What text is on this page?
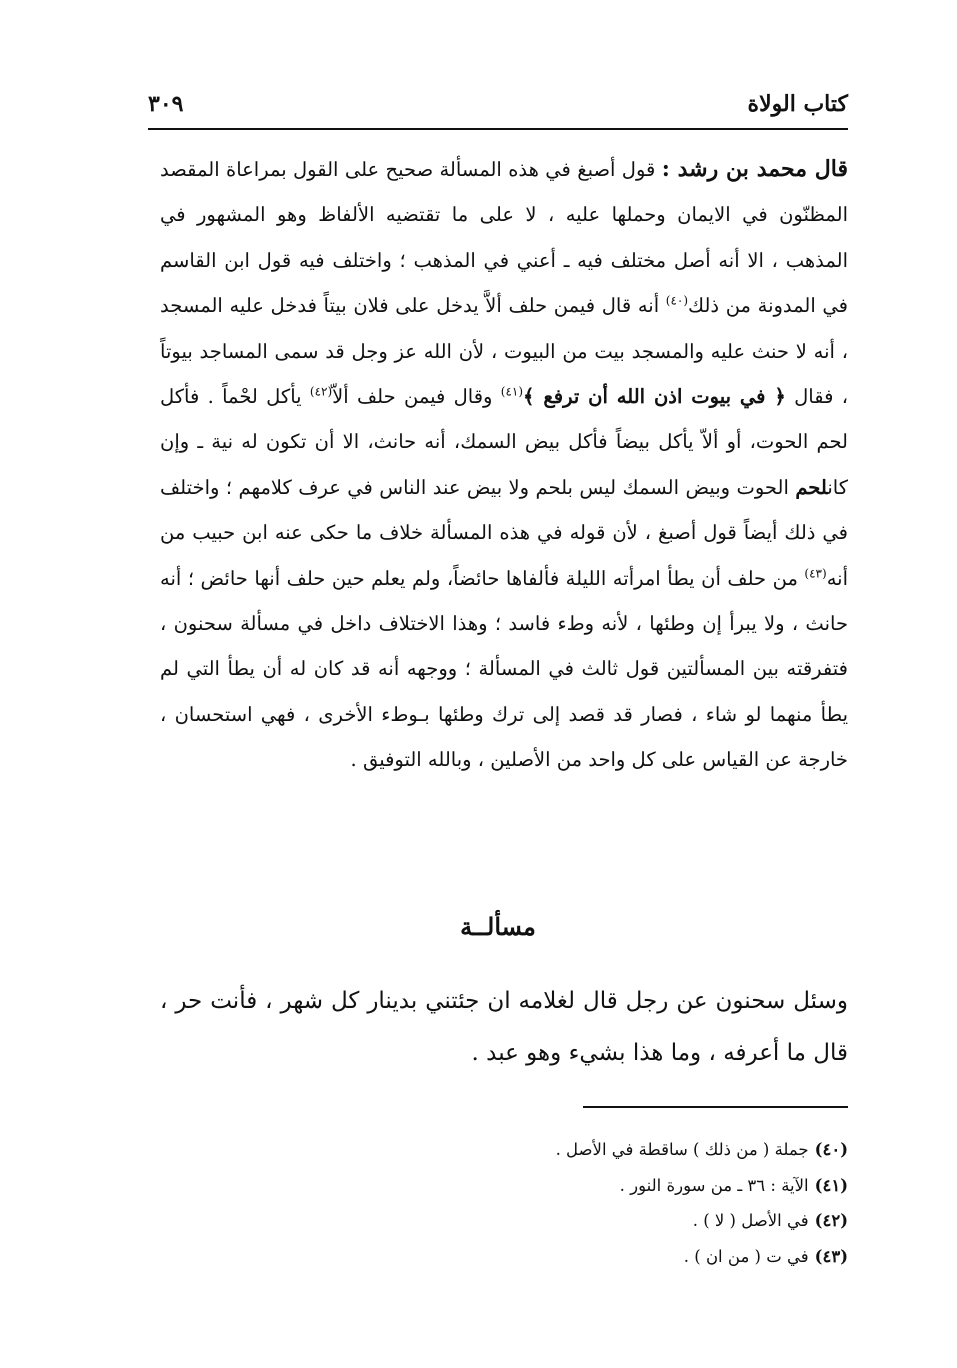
كتاب الولاة
٣٠٩
قال محمد بن رشد : قول أصبغ في هذه المسألة صحيح على القول بمراعاة المقصد المظنّون في الايمان وحملها عليه ، لا على ما تقتضيه الألفاظ وهو المشهور في المذهب ، الا أنه أصل مختلف فيه ـ أعني في المذهب ؛ واختلف فيه قول ابن القاسم في المدونة من ذلك$^{(٤٠)}$ أنه قال فيمن حلف ألاَّ يدخل على فلان بيتاً فدخل عليه المسجد ، أنه لا حنث عليه والمسجد بيت من البيوت ، لأن الله عز وجل قد سمى المساجد بيوتاً ، فقال ﴿ في بيوت اذن الله أن ترفع ﴾$^{(٤١)}$ وقال فيمن حلف ألاّ$^{(٤٢)}$ يأكل لحْماً . فأكل لحم الحوت، أو ألاّ يأكل بيضاً فأكل بيض السمك، أنه حانث، الا أن تكون له نية ـ وإن كانلحم الحوت وبيض السمك ليس بلحم ولا بيض عند الناس في عرف كلامهم ؛ واختلف في ذلك أيضاً قول أصبغ ، لأن قوله في هذه المسألة خلاف ما حكى عنه ابن حبيب من أنه$^{(٤٣)}$ من حلف أن يطأ امرأته الليلة فألفاها حائضاً، ولم يعلم حين حلف أنها حائض ؛ أنه حانث ، ولا يبرأ إن وطئها ، لأنه وطء فاسد ؛ وهذا الاختلاف داخل في مسألة سحنون ، فتفرقته بين المسألتين قول ثالث في المسألة ؛ ووجهه أنه قد كان له أن يطأ التي لم يطأ منهما لو شاء ، فصار قد قصد إلى ترك وطئها بـوطء الأخرى ، فهي استحسان ، خارجة عن القياس على كل واحد من الأصلين ، وبالله التوفيق .
مسألــة
وسئل سحنون عن رجل قال لغلامه ان جئتني بدينار كل شهر ، فأنت حر ، قال ما أعرفه ، وما هذا بشيء وهو عبد .
(٤٠)جملة ( من ذلك ) ساقطة في الأصل .
(٤١)الآية : ٣٦ ـ من سورة النور .
(٤٢)في الأصل ( لا ) .
(٤٣)في ت ( من ان ) .
